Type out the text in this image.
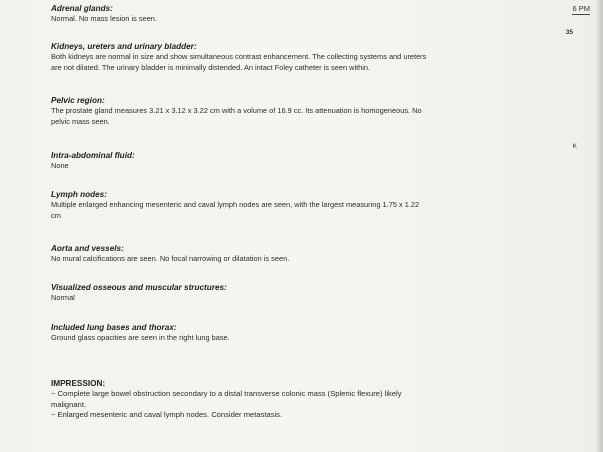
6 PM
35
K

Adrenal glands:

Normal. No mass lesion is seen.

Kidneys, ureters and urinary bladder:

Both kidneys are normal in size and show simultaneous contrast enhancement. The collecting systems and ureters

are not dilated. The urinary bladder is minimally distended. An intact Foley catheter is seen within.

Pelvic region:

The prostate gland measures 3.21 x 3.12 x 3.22 cm with a volume of 16.9 cc. Its attenuation is homogeneous. No

pelvic mass seen.

Intra-abdominal fluid:

None

Lymph nodes:

Multiple enlarged enhancing mesenteric and caval lymph nodes are seen, with the largest measuring 1.75 x 1.22

cm

Aorta and vessels:

No mural calcifications are seen. No focal narrowing or dilatation is seen.

Visualized osseous and muscular structures:

Normal

Included lung bases and thorax:

Ground glass opacities are seen in the right lung base.

IMPRESSION:

~ Complete large bowel obstruction secondary to a distal transverse colonic mass (Splenic flexure) likely

malignant.

~ Enlarged mesenteric and caval lymph nodes. Consider metastasis.
